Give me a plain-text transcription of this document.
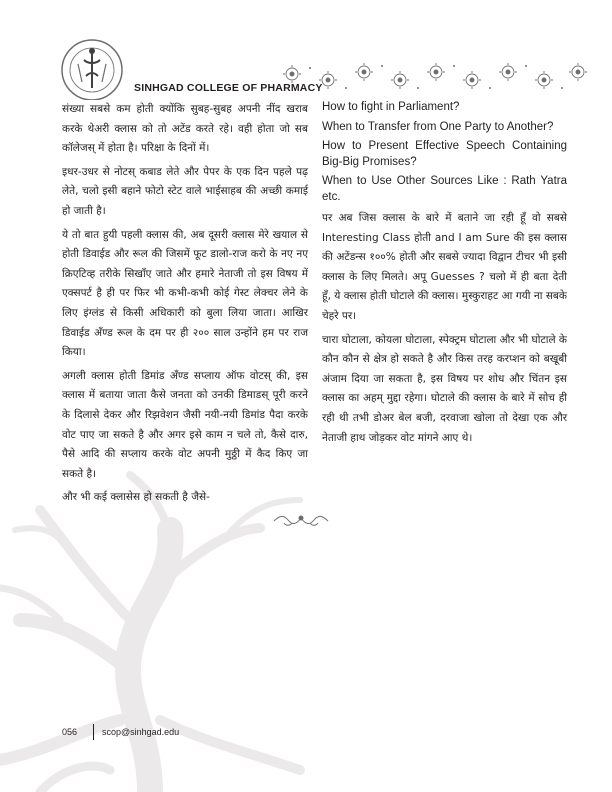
SINHGAD COLLEGE OF PHARMACY

संख्या सबसे कम होती क्योंकि सुबह-सुबह अपनी नींद खराब करके थेअरी क्लास को तो अटेंड करते रहे। वही होता जो सब कॉलेजस् में होता है। परिक्षा के दिनों में।

इधर-उधर से नोटस् कबाड लेते और पेपर के एक दिन पहले पढ़ लेते, चलो इसी बहाने फोटो स्टेट वाले भाईसाहब की अच्छी कमाई हो जाती है।

ये तो बात हुयी पहली क्लास की, अब दूसरी क्लास मेरे खयाल से होती डिवाईड और रूल की जिसमें फूट डालो-राज करो के नए नए क्रिएटिव्ह तरीके सिखाँए जाते और हमारे नेताजी तो इस विषय में एक्सपर्ट है ही पर फिर भी कभी-कभी कोई गेस्ट लेक्चर लेने के लिए इंग्लंड से किसी अधिकारी को बुला लिया जाता। आखिर डिवाईड अँण्ड रूल के दम पर ही २०० साल उन्होंने हम पर राज किया।

अगली क्लास होती डिमांड अँण्ड सप्लाय ऑफ वोटस् की, इस क्लास में बताया जाता कैसे जनता को उनकी डिमाडस् पूरी करने के दिलासे देकर और रिझवेशन जैसी नयी-नयी डिमांड पैदा करके वोट पाए जा सकते है और अगर इसे काम न चले तो, कैसे दारु, पैसे आदि की सप्लाय करके वोट अपनी मुठ्ठी में कैद किए जा सकते है।

और भी कई क्लासेस हो सकती है जैसे-

How to fight in Parliament?

When to Transfer from One Party to Another?

How to Present Effective Speech Containing Big-Big Promises?

When to Use Other Sources Like : Rath Yatra etc.

पर अब जिस क्लास के बारे में बताने जा रही हूँ वो सबसे Interesting Class होती and I am Sure की इस क्लास की अटेंडन्स १००% होती और सबसे ज्यादा विद्वान टीचर भी इसी क्लास के लिए मिलते। अपू Guesses ? चलो में ही बता देती हूँ, ये क्लास होती घोटाले की क्लास। मुस्कुराहट आ गयी ना सबके चेहरे पर।

चारा घोटाला, कोयला घोटाला, स्पेक्ट्रम घोटाला और भी घोटाले के कौन कौन से क्षेत्र हो सकते है और किस तरह करप्शन को बखूबी अंजाम दिया जा सकता है, इस विषय पर शोध और चिंतन इस क्लास का अहम् मुद्दा रहेगा। घोटाले की क्लास के बारे में सोच ही रही थी तभी डोअर बेल बजी, दरवाजा खोला तो देखा एक और नेताजी हाथ जोड़कर वोट मांगने आए थे।

056	scop@sinhgad.edu
